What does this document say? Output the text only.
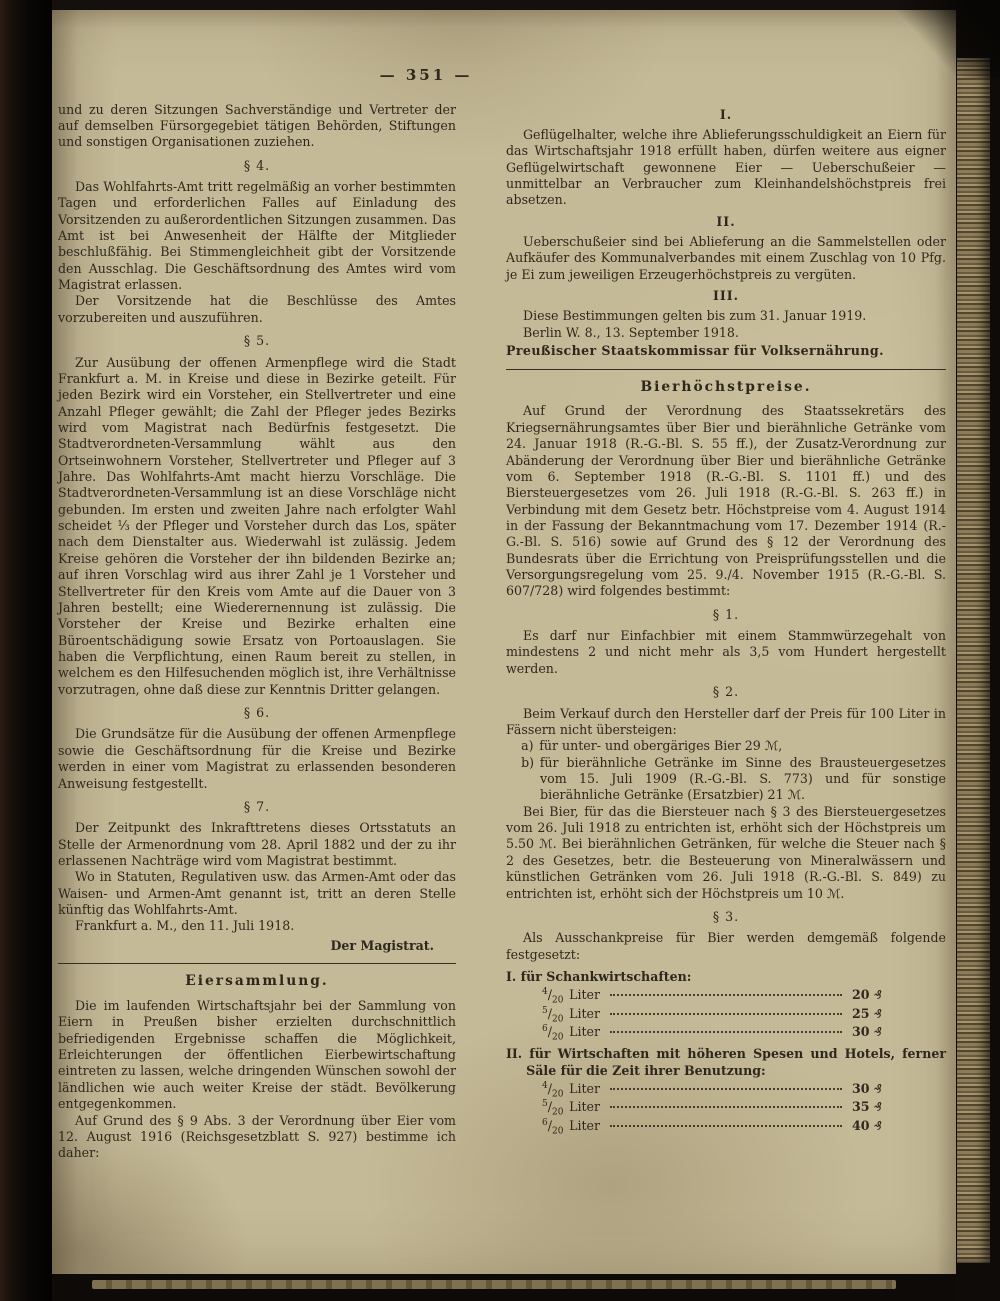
— 351 —

und zu deren Sitzungen Sachverständige und Vertreter der auf demselben Fürsorgegebiet tätigen Behörden, Stiftungen und sonstigen Organisationen zuziehen.

§ 4.

Das Wohlfahrts-Amt tritt regelmäßig an vorher bestimmten Tagen und erforderlichen Falles auf Einladung des Vorsitzenden zu außerordentlichen Sitzungen zusammen. Das Amt ist bei Anwesenheit der Hälfte der Mitglieder beschlußfähig. Bei Stimmengleichheit gibt der Vorsitzende den Ausschlag. Die Geschäftsordnung des Amtes wird vom Magistrat erlassen.

Der Vorsitzende hat die Beschlüsse des Amtes vorzubereiten und auszuführen.

§ 5.

Zur Ausübung der offenen Armenpflege wird die Stadt Frankfurt a. M. in Kreise und diese in Bezirke geteilt. Für jeden Bezirk wird ein Vorsteher, ein Stellvertreter und eine Anzahl Pfleger gewählt; die Zahl der Pfleger jedes Bezirks wird vom Magistrat nach Bedürfnis festgesetzt. Die Stadtverordneten-Versammlung wählt aus den Ortseinwohnern Vorsteher, Stellvertreter und Pfleger auf 3 Jahre. Das Wohlfahrts-Amt macht hierzu Vorschläge. Die Stadtverordneten-Versammlung ist an diese Vorschläge nicht gebunden. Im ersten und zweiten Jahre nach erfolgter Wahl scheidet ⅓ der Pfleger und Vorsteher durch das Los, später nach dem Dienstalter aus. Wiederwahl ist zulässig. Jedem Kreise gehören die Vorsteher der ihn bildenden Bezirke an; auf ihren Vorschlag wird aus ihrer Zahl je 1 Vorsteher und Stellvertreter für den Kreis vom Amte auf die Dauer von 3 Jahren bestellt; eine Wiederernennung ist zulässig. Die Vorsteher der Kreise und Bezirke erhalten eine Büroentschädigung sowie Ersatz von Portoauslagen. Sie haben die Verpflichtung, einen Raum bereit zu stellen, in welchem es den Hilfesuchenden möglich ist, ihre Verhältnisse vorzutragen, ohne daß diese zur Kenntnis Dritter gelangen.

§ 6.

Die Grundsätze für die Ausübung der offenen Armenpflege sowie die Geschäftsordnung für die Kreise und Bezirke werden in einer vom Magistrat zu erlassenden besonderen Anweisung festgestellt.

§ 7.

Der Zeitpunkt des Inkrafttretens dieses Ortsstatuts an Stelle der Armenordnung vom 28. April 1882 und der zu ihr erlassenen Nachträge wird vom Magistrat bestimmt.

Wo in Statuten, Regulativen usw. das Armen-Amt oder das Waisen- und Armen-Amt genannt ist, tritt an deren Stelle künftig das Wohlfahrts-Amt.

Frankfurt a. M., den 11. Juli 1918.

Der Magistrat.

Eiersammlung.

Die im laufenden Wirtschaftsjahr bei der Sammlung von Eiern in Preußen bisher erzielten durchschnittlich befriedigenden Ergebnisse schaffen die Möglichkeit, Erleichterungen der öffentlichen Eierbewirtschaftung eintreten zu lassen, welche dringenden Wünschen sowohl der ländlichen wie auch weiter Kreise der städt. Bevölkerung entgegenkommen.

Auf Grund des § 9 Abs. 3 der Verordnung über Eier vom 12. August 1916 (Reichsgesetzblatt S. 927) bestimme ich daher:

I.

Geflügelhalter, welche ihre Ablieferungsschuldigkeit an Eiern für das Wirtschaftsjahr 1918 erfüllt haben, dürfen weitere aus eigner Geflügelwirtschaft gewonnene Eier — Ueberschußeier — unmittelbar an Verbraucher zum Kleinhandelshöchstpreis frei absetzen.

II.

Ueberschußeier sind bei Ablieferung an die Sammelstellen oder Aufkäufer des Kommunalverbandes mit einem Zuschlag von 10 Pfg. je Ei zum jeweiligen Erzeugerhöchstpreis zu vergüten.

III.

Diese Bestimmungen gelten bis zum 31. Januar 1919.

Berlin W. 8., 13. September 1918.

Preußischer Staatskommissar für Volksernährung.

Bierhöchstpreise.

Auf Grund der Verordnung des Staatssekretärs des Kriegsernährungsamtes über Bier und bierähnliche Getränke vom 24. Januar 1918 (R.-G.-Bl. S. 55 ff.), der Zusatz-Verordnung zur Abänderung der Verordnung über Bier und bierähnliche Getränke vom 6. September 1918 (R.-G.-Bl. S. 1101 ff.) und des Biersteuergesetzes vom 26. Juli 1918 (R.-G.-Bl. S. 263 ff.) in Verbindung mit dem Gesetz betr. Höchstpreise vom 4. August 1914 in der Fassung der Bekanntmachung vom 17. Dezember 1914 (R.-G.-Bl. S. 516) sowie auf Grund des § 12 der Verordnung des Bundesrats über die Errichtung von Preisprüfungsstellen und die Versorgungsregelung vom 25. 9./4. November 1915 (R.-G.-Bl. S. 607/728) wird folgendes bestimmt:

§ 1.

Es darf nur Einfachbier mit einem Stammwürzegehalt von mindestens 2 und nicht mehr als 3,5 vom Hundert hergestellt werden.

§ 2.

Beim Verkauf durch den Hersteller darf der Preis für 100 Liter in Fässern nicht übersteigen:

a) für unter- und obergäriges Bier 29 ℳ,

b) für bierähnliche Getränke im Sinne des Brausteuergesetzes vom 15. Juli 1909 (R.-G.-Bl. S. 773) und für sonstige bierähnliche Getränke (Ersatzbier) 21 ℳ.

Bei Bier, für das die Biersteuer nach § 3 des Biersteuergesetzes vom 26. Juli 1918 zu entrichten ist, erhöht sich der Höchstpreis um 5.50 ℳ. Bei bierähnlichen Getränken, für welche die Steuer nach § 2 des Gesetzes, betr. die Besteuerung von Mineralwässern und künstlichen Getränken vom 26. Juli 1918 (R.-G.-Bl. S. 849) zu entrichten ist, erhöht sich der Höchstpreis um 10 ℳ.

§ 3.

Als Ausschankpreise für Bier werden demgemäß folgende festgesetzt:

I. für Schankwirtschaften:

$^4/_{20}$ Liter	20 ₰

$^5/_{20}$ Liter	25 ₰

$^6/_{20}$ Liter	30 ₰

II. für Wirtschaften mit höheren Spesen und Hotels, ferner Säle für die Zeit ihrer Benutzung:

$^4/_{20}$ Liter	30 ₰

$^5/_{20}$ Liter	35 ₰

$^6/_{20}$ Liter	40 ₰
